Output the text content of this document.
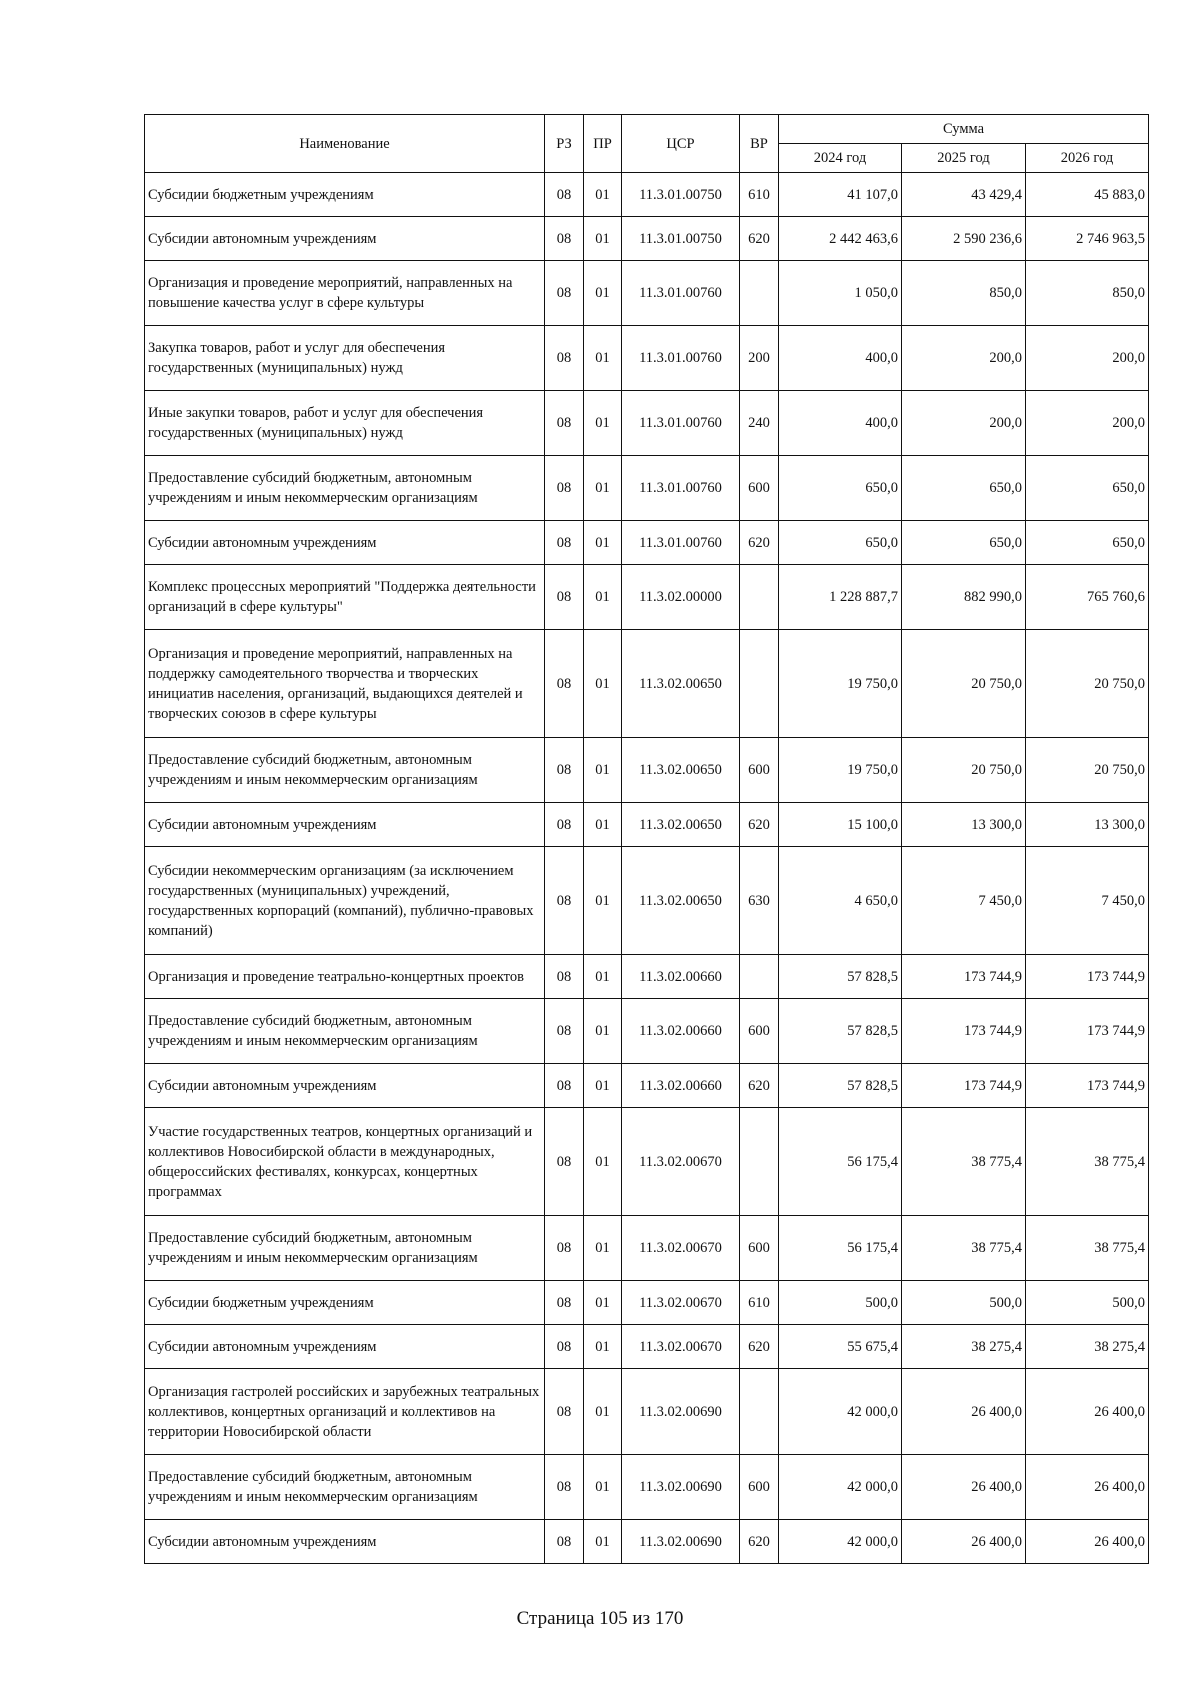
Наименование	РЗ	ПР	ЦСР	ВР	Сумма		
					2024 год	2025 год	2026 год
Субсидии бюджетным учреждениям	08	01	11.3.01.00750	610	41 107,0	43 429,4	45 883,0
Субсидии автономным учреждениям	08	01	11.3.01.00750	620	2 442 463,6	2 590 236,6	2 746 963,5
Организация и проведение мероприятий, направленных на повышение качества услуг в сфере культуры	08	01	11.3.01.00760		1 050,0	850,0	850,0
Закупка товаров, работ и услуг для обеспечения государственных (муниципальных) нужд	08	01	11.3.01.00760	200	400,0	200,0	200,0
Иные закупки товаров, работ и услуг для обеспечения государственных (муниципальных) нужд	08	01	11.3.01.00760	240	400,0	200,0	200,0
Предоставление субсидий бюджетным, автономным учреждениям и иным некоммерческим организациям	08	01	11.3.01.00760	600	650,0	650,0	650,0
Субсидии автономным учреждениям	08	01	11.3.01.00760	620	650,0	650,0	650,0
Комплекс процессных мероприятий "Поддержка деятельности организаций в сфере культуры"	08	01	11.3.02.00000		1 228 887,7	882 990,0	765 760,6
Организация и проведение мероприятий, направленных на поддержку самодеятельного творчества и творческих инициатив населения, организаций, выдающихся деятелей и творческих союзов в сфере культуры	08	01	11.3.02.00650		19 750,0	20 750,0	20 750,0
Предоставление субсидий бюджетным, автономным учреждениям и иным некоммерческим организациям	08	01	11.3.02.00650	600	19 750,0	20 750,0	20 750,0
Субсидии автономным учреждениям	08	01	11.3.02.00650	620	15 100,0	13 300,0	13 300,0
Субсидии некоммерческим организациям (за исключением государственных (муниципальных) учреждений, государственных корпораций (компаний), публично-правовых компаний)	08	01	11.3.02.00650	630	4 650,0	7 450,0	7 450,0
Организация и проведение театрально-концертных проектов	08	01	11.3.02.00660		57 828,5	173 744,9	173 744,9
Предоставление субсидий бюджетным, автономным учреждениям и иным некоммерческим организациям	08	01	11.3.02.00660	600	57 828,5	173 744,9	173 744,9
Субсидии автономным учреждениям	08	01	11.3.02.00660	620	57 828,5	173 744,9	173 744,9
Участие государственных театров, концертных организаций и коллективов Новосибирской области в международных, общероссийских фестивалях, конкурсах, концертных программах	08	01	11.3.02.00670		56 175,4	38 775,4	38 775,4
Предоставление субсидий бюджетным, автономным учреждениям и иным некоммерческим организациям	08	01	11.3.02.00670	600	56 175,4	38 775,4	38 775,4
Субсидии бюджетным учреждениям	08	01	11.3.02.00670	610	500,0	500,0	500,0
Субсидии автономным учреждениям	08	01	11.3.02.00670	620	55 675,4	38 275,4	38 275,4
Организация гастролей российских и зарубежных театральных коллективов, концертных организаций и коллективов на территории Новосибирской области	08	01	11.3.02.00690		42 000,0	26 400,0	26 400,0
Предоставление субсидий бюджетным, автономным учреждениям и иным некоммерческим организациям	08	01	11.3.02.00690	600	42 000,0	26 400,0	26 400,0
Субсидии автономным учреждениям	08	01	11.3.02.00690	620	42 000,0	26 400,0	26 400,0
Страница 105 из 170
